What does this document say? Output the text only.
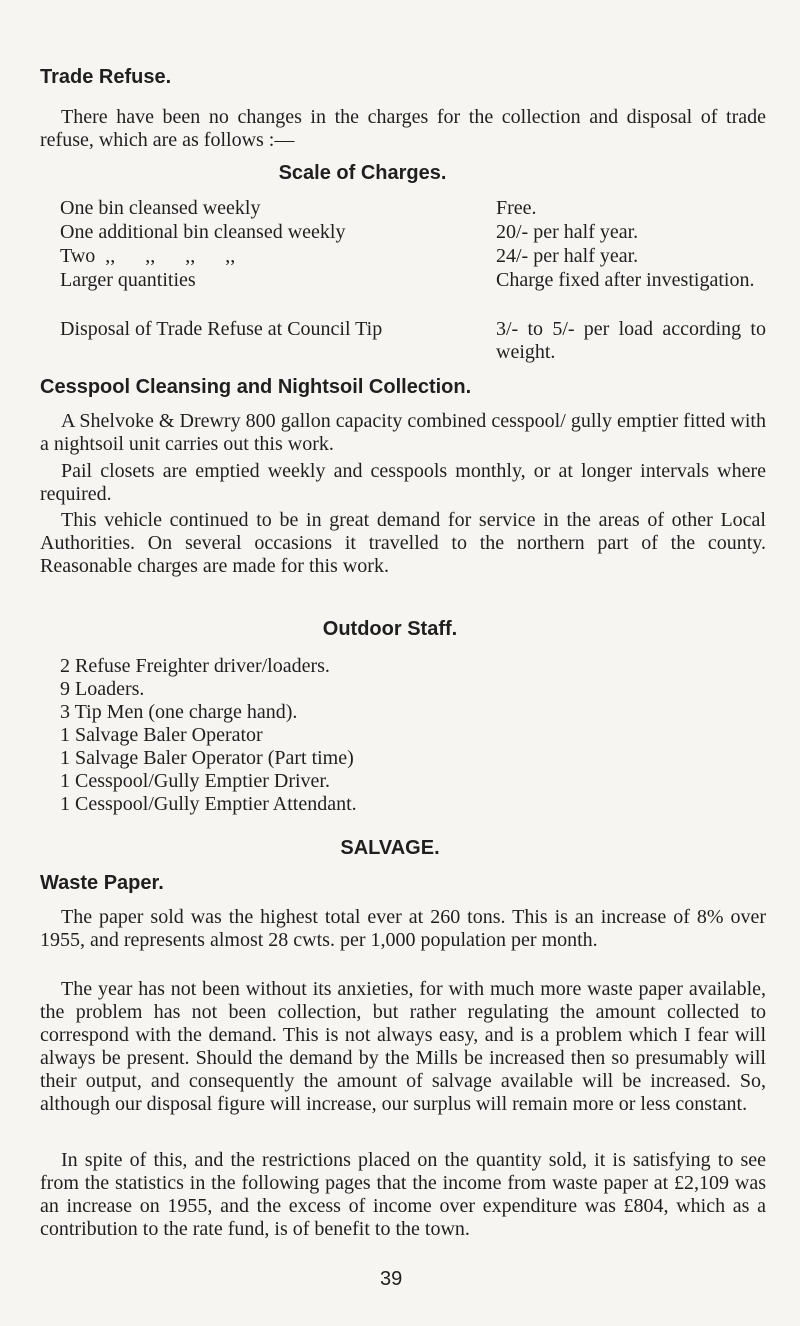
Trade Refuse.

There have been no changes in the charges for the collection and disposal of trade refuse, which are as follows :—

Scale of Charges.
One bin cleansed weekly	Free.
One additional bin cleansed weekly	20/- per half year.
Two  ,,      ,,      ,,      ,,	24/- per half year.
Larger quantities	Charge fixed after investigation.
Disposal of Trade Refuse at Council Tip	3/- to 5/- per load according to weight.
Cesspool Cleansing and Nightsoil Collection.

A Shelvoke & Drewry 800 gallon capacity combined cesspool/ gully emptier fitted with a nightsoil unit carries out this work.

Pail closets are emptied weekly and cesspools monthly, or at longer intervals where required.

This vehicle continued to be in great demand for service in the areas of other Local Authorities. On several occasions it travelled to the northern part of the county. Reasonable charges are made for this work.

Outdoor Staff.
2 Refuse Freighter driver/loaders.
9 Loaders.
3 Tip Men (one charge hand).
1 Salvage Baler Operator
1 Salvage Baler Operator (Part time)
1 Cesspool/Gully Emptier Driver.
1 Cesspool/Gully Emptier Attendant.
SALVAGE.
Waste Paper.

The paper sold was the highest total ever at 260 tons. This is an increase of 8% over 1955, and represents almost 28 cwts. per 1,000 population per month.

The year has not been without its anxieties, for with much more waste paper available, the problem has not been collection, but rather regulating the amount collected to correspond with the demand. This is not always easy, and is a problem which I fear will always be present. Should the demand by the Mills be increased then so presumably will their output, and consequently the amount of salvage available will be increased. So, although our disposal figure will increase, our surplus will remain more or less constant.

In spite of this, and the restrictions placed on the quantity sold, it is satisfying to see from the statistics in the following pages that the income from waste paper at £2,109 was an increase on 1955, and the excess of income over expenditure was £804, which as a contribution to the rate fund, is of benefit to the town.

39
